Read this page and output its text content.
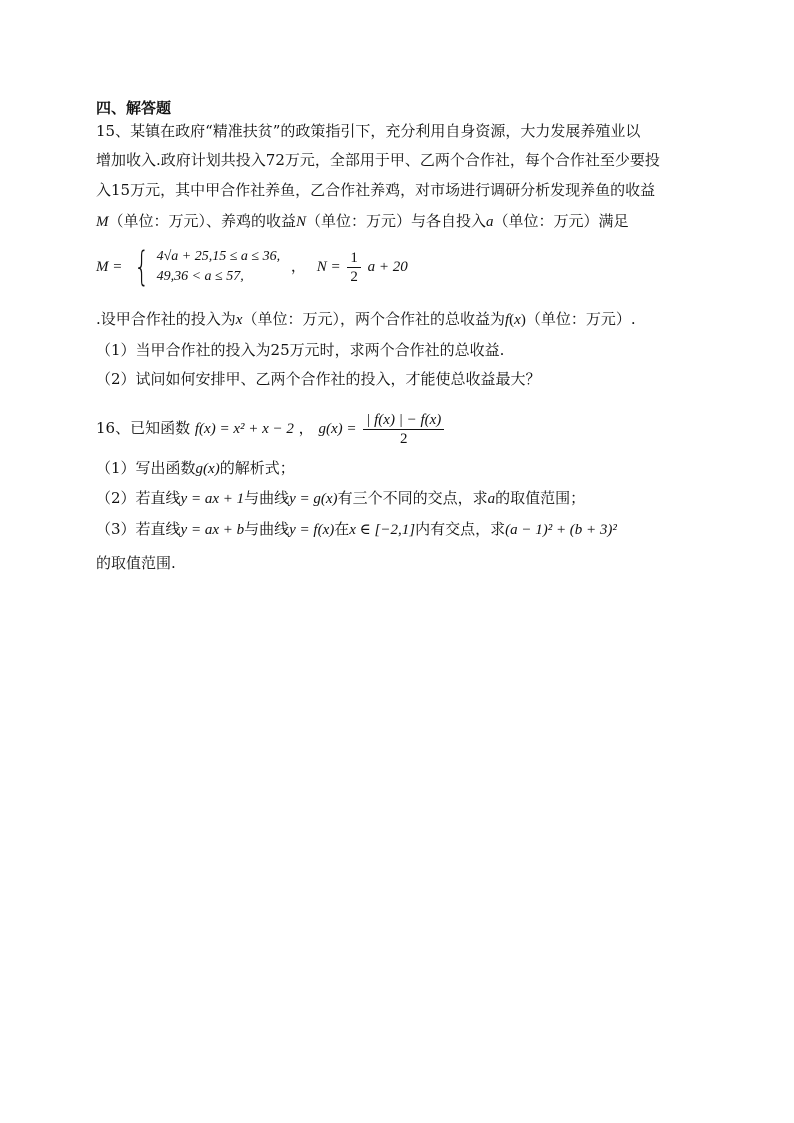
四、解答题
15、某镇在政府“精准扶贫”的政策指引下，充分利用自身资源，大力发展养殖业以
增加收入.政府计划共投入72万元，全部用于甲、乙两个合作社，每个合作社至少要投
入15万元，其中甲合作社养鱼，乙合作社养鸡，对市场进行调研分析发现养鱼的收益
M（单位：万元）、养鸡的收益N（单位：万元）与各自投入a（单位：万元）满足
M = { 4√a + 25,15 ≤ a ≤ 36,
49,36 < a ≤ 57,
， $N = \frac{1}{2}$ a + 20
.设甲合作社的投入为x（单位：万元），两个合作社的总收益为f(x)（单位：万元）.
（1）当甲合作社的投入为25万元时，求两个合作社的总收益.
（2）试问如何安排甲、乙两个合作社的投入，才能使总收益最大？
16、已知函数 f(x) = x² + x − 2 ， $g(x) = \frac{| f(x) | - f(x)}{2}$
（1）写出函数g(x)的解析式；
（2）若直线y = ax + 1与曲线y = g(x)有三个不同的交点，求a的取值范围；
（3）若直线y = ax + b与曲线y = f(x)在x ∈ [−2,1]内有交点，求(a − 1)² + (b + 3)²
的取值范围.
